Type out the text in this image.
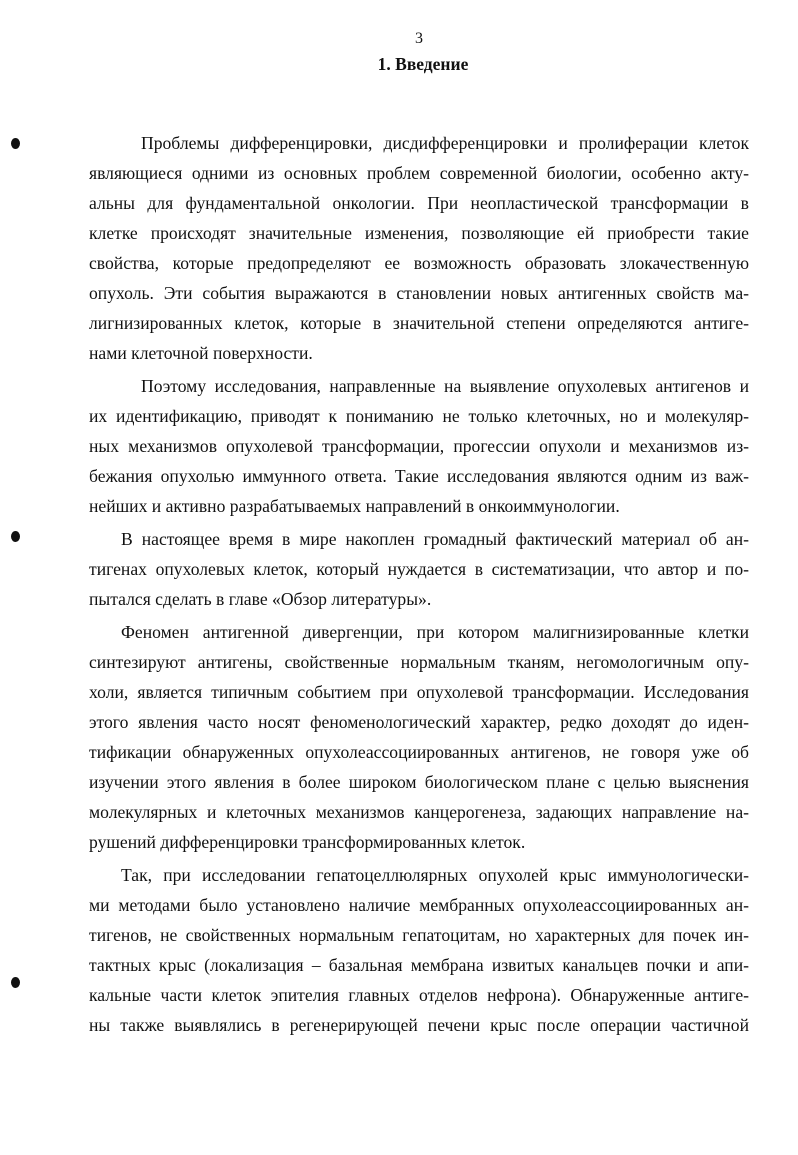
3
1. Введение
Проблемы дифференцировки, дисдифференцировки и пролиферации клеток
являющиеся одними из основных проблем современной биологии, особенно акту-
альны для фундаментальной онкологии. При неопластической трансформации в
клетке происходят значительные изменения, позволяющие ей приобрести такие
свойства, которые предопределяют ее возможность образовать злокачественную
опухоль. Эти события выражаются в становлении новых антигенных свойств ма-
лигнизированных клеток, которые в значительной степени определяются антиге-
нами клеточной поверхности.
Поэтому исследования, направленные на выявление опухолевых антигенов и
их идентификацию, приводят к пониманию не только клеточных, но и молекуляр-
ных механизмов опухолевой трансформации, прогессии опухоли и механизмов из-
бежания опухолью иммунного ответа. Такие исследования являются одним из важ-
нейших и активно разрабатываемых направлений в онкоиммунологии.
В настоящее время в мире накоплен громадный фактический материал об ан-
тигенах опухолевых клеток, который нуждается в систематизации, что автор и по-
пытался сделать в главе «Обзор литературы».
Феномен антигенной дивергенции, при котором малигнизированные клетки
синтезируют антигены, свойственные нормальным тканям, негомологичным опу-
холи, является типичным событием при опухолевой трансформации. Исследования
этого явления часто носят феноменологический характер, редко доходят до иден-
тификации обнаруженных опухолеассоциированных антигенов, не говоря уже об
изучении этого явления в более широком биологическом плане с целью выяснения
молекулярных и клеточных механизмов канцерогенеза, задающих направление на-
рушений дифференцировки трансформированных клеток.
Так, при исследовании гепатоцеллюлярных опухолей крыс иммунологически-
ми методами было установлено наличие мембранных опухолеассоциированных ан-
тигенов, не свойственных нормальным гепатоцитам, но характерных для почек ин-
тактных крыс (локализация – базальная мембрана извитых канальцев почки и апи-
кальные части клеток эпителия главных отделов нефрона). Обнаруженные антиге-
ны также выявлялись в регенерирующей печени крыс после операции частичной
